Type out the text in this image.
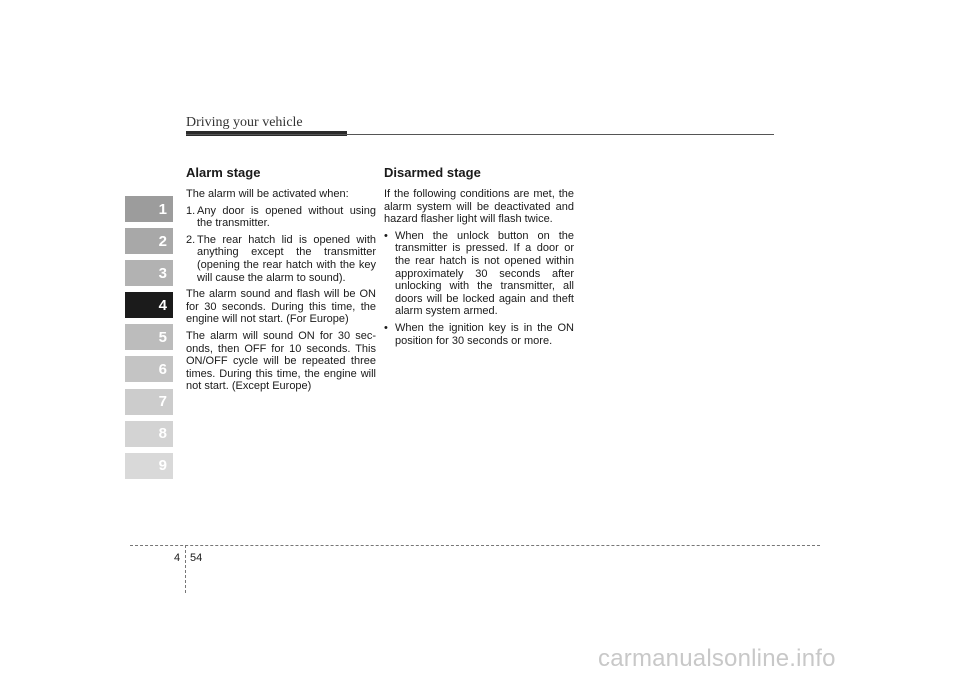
Driving your vehicle
1
2
3
4
5
6
7
8
9
Alarm stage

The alarm will be activated when:

1. Any door is opened without using the transmitter.
2. The rear hatch lid is opened with anything except the transmitter (opening the rear hatch with the key will cause the alarm to sound).

The alarm sound and flash will be ON for 30 seconds. During this time, the engine will not start. (For Europe)

The alarm will sound ON for 30 sec-onds, then OFF for 10 seconds. This ON/OFF cycle will be repeated three times. During this time, the engine will not start. (Except Europe)

Disarmed stage

If the following conditions are met, the alarm system will be deactivated and hazard flasher light will flash twice.

• When the unlock button on the transmitter is pressed. If a door or the rear hatch is not opened within approximately 30 seconds after unlocking with the transmitter, all doors will be locked again and theft alarm system armed.
• When the ignition key is in the ON position for 30 seconds or more.
4 54
carmanualsonline.info
